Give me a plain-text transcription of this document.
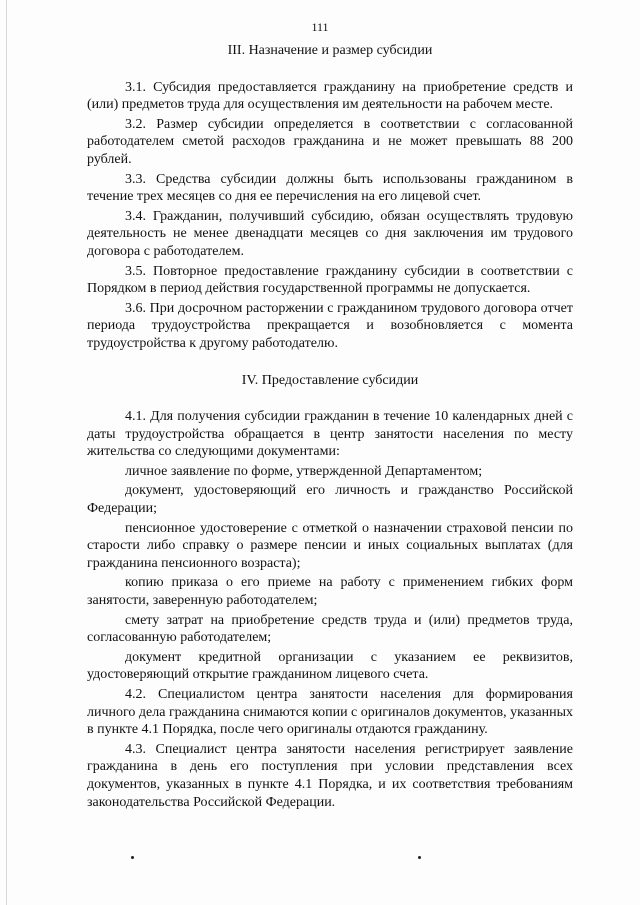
111
III. Назначение и размер субсидии

3.1. Субсидия предоставляется гражданину на приобретение средств и (или) предметов труда для осуществления им деятельности на рабочем месте.

3.2. Размер субсидии определяется в соответствии с согласованной работодателем сметой расходов гражданина и не может превышать 88 200 рублей.

3.3. Средства субсидии должны быть использованы гражданином в течение трех месяцев со дня ее перечисления на его лицевой счет.

3.4. Гражданин, получивший субсидию, обязан осуществлять трудовую деятельность не менее двенадцати месяцев со дня заключения им трудового договора с работодателем.

3.5. Повторное предоставление гражданину субсидии в соответствии с Порядком в период действия государственной программы не допускается.

3.6. При досрочном расторжении с гражданином трудового договора отчет периода трудоустройства прекращается и возобновляется с момента трудоустройства к другому работодателю.

IV. Предоставление субсидии

4.1. Для получения субсидии гражданин в течение 10 календарных дней с даты трудоустройства обращается в центр занятости населения по месту жительства со следующими документами:

личное заявление по форме, утвержденной Департаментом;

документ, удостоверяющий его личность и гражданство Российской Федерации;

пенсионное удостоверение с отметкой о назначении страховой пенсии по старости либо справку о размере пенсии и иных социальных выплатах (для гражданина пенсионного возраста);

копию приказа о его приеме на работу с применением гибких форм занятости, заверенную работодателем;

смету затрат на приобретение средств труда и (или) предметов труда, согласованную работодателем;

документ кредитной организации с указанием ее реквизитов, удостоверяющий открытие гражданином лицевого счета.

4.2. Специалистом центра занятости населения для формирования личного дела гражданина снимаются копии с оригиналов документов, указанных в пункте 4.1 Порядка, после чего оригиналы отдаются гражданину.

4.3. Специалист центра занятости населения регистрирует заявление гражданина в день его поступления при условии представления всех документов, указанных в пункте 4.1 Порядка, и их соответствия требованиям законодательства Российской Федерации.
